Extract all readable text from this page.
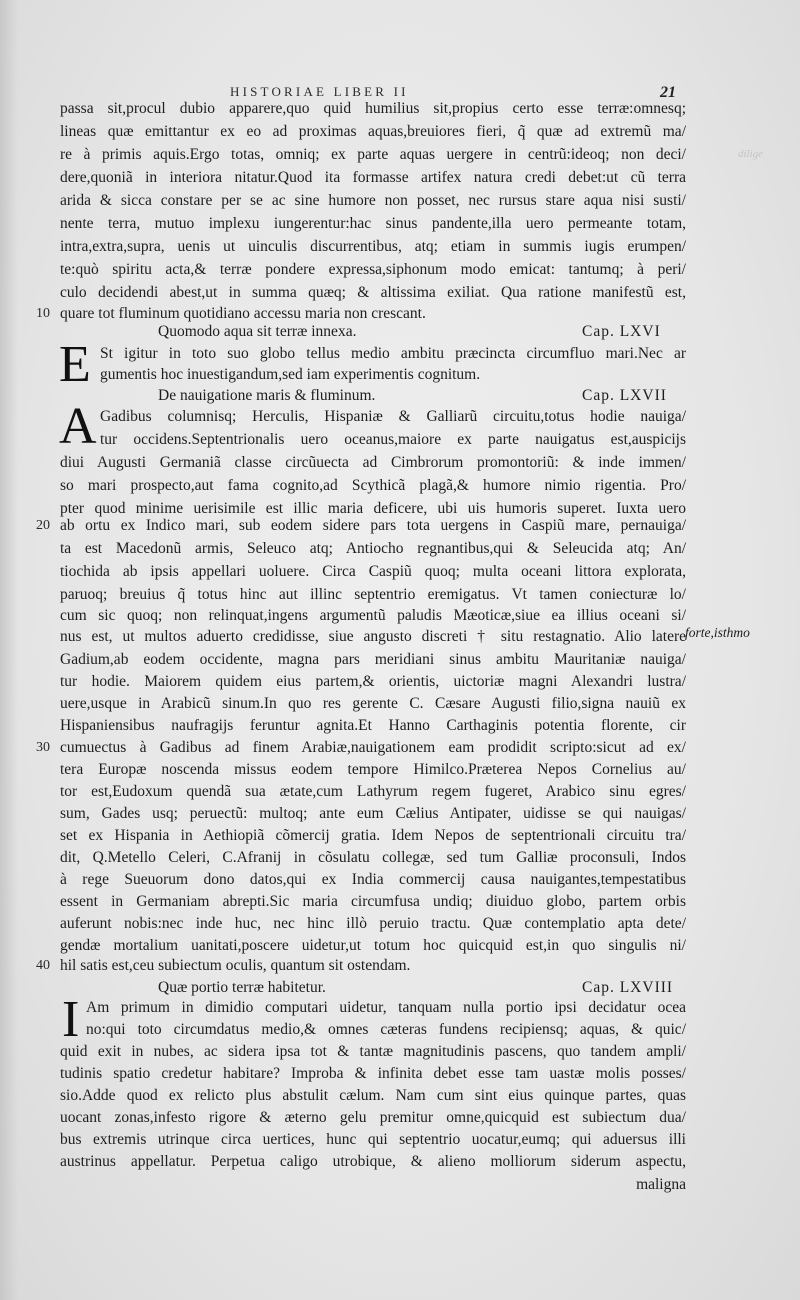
dilige
HISTORIAE LIBER II	21
passa sit,procul dubio apparere,quo quid humilius sit,propius certo esse terræ:omnesq;
lineas quæ emittantur ex eo ad proximas aquas,breuiores fieri, q̃ quæ ad extremũ ma/
re à primis aquis.Ergo totas, omniq; ex parte aquas uergere in centrũ:ideoq; non deci/
dere,quoniã in interiora nitatur.Quod ita formasse artifex natura credi debet:ut cũ terra
arida & sicca constare per se ac sine humore non posset, nec rursus stare aqua nisi susti/
nente terra, mutuo implexu iungerentur:hac sinus pandente,illa uero permeante totam,
intra,extra,supra, uenis ut uinculis discurrentibus, atq; etiam in summis iugis erumpen/
te:quò spiritu acta,& terræ pondere expressa,siphonum modo emicat: tantumq; à peri/
culo decidendi abest,ut in summa quæq; & altissima exiliat. Qua ratione manifestũ est,
10 quare tot fluminum quotidiano accessu maria non crescant.
Quomodo aqua sit terræ innexa.	Cap. LXVI
E St igitur in toto suo globo tellus medio ambitu præcincta circumfluo mari.Nec ar
gumentis hoc inuestigandum,sed iam experimentis cognitum.
De nauigatione maris & fluminum.	Cap. LXVII
A Gadibus columnisq; Herculis, Hispaniæ & Galliarũ circuitu,totus hodie nauiga/
tur occidens.Septentrionalis uero oceanus,maiore ex parte nauigatus est,auspicijs
diui Augusti Germaniã classe circũuecta ad Cimbrorum promontoriũ: & inde immen/
so mari prospecto,aut fama cognito,ad Scythicã plagã,& humore nimio rigentia. Pro/
pter quod minime uerisimile est illic maria deficere, ubi uis humoris superet. Iuxta uero
20 ab ortu ex Indico mari, sub eodem sidere pars tota uergens in Caspiũ mare, pernauiga/
ta est Macedonũ armis, Seleuco atq; Antiocho regnantibus,qui & Seleucida atq; An/
tiochida ab ipsis appellari uoluere. Circa Caspiũ quoq; multa oceani littora explorata,
paruoq; breuius q̃ totus hinc aut illinc septentrio eremigatus. Vt tamen coniecturæ lo/
cum sic quoq; non relinquat,ingens argumentũ paludis Mæoticæ,siue ea illius oceani si/
nus est, ut multos aduerto credidisse, siue angusto discreti † situ restagnatio. Alio latere
Gadium,ab eodem occidente, magna pars meridiani sinus ambitu Mauritaniæ nauiga/
tur hodie. Maiorem quidem eius partem,& orientis, uictoriæ magni Alexandri lustra/
uere,usque in Arabicũ sinum.In quo res gerente C. Cæsare Augusti filio,signa nauiũ ex
Hispaniensibus naufragijs feruntur agnita.Et Hanno Carthaginis potentia florente, cir
30 cumuectus à Gadibus ad finem Arabiæ,nauigationem eam prodidit scripto:sicut ad ex/
tera Europæ noscenda missus eodem tempore Himilco.Præterea Nepos Cornelius au/
tor est,Eudoxum quendã sua ætate,cum Lathyrum regem fugeret, Arabico sinu egres/
sum, Gades usq; peruectũ: multoq; ante eum Cælius Antipater, uidisse se qui nauigas/
set ex Hispania in Aethiopiã cõmercij gratia. Idem Nepos de septentrionali circuitu tra/
dit, Q.Metello Celeri, C.Afranij in cõsulatu collegæ, sed tum Galliæ proconsuli, Indos
à rege Sueuorum dono datos,qui ex India commercij causa nauigantes,tempestatibus
essent in Germaniam abrepti.Sic maria circumfusa undiq; diuiduo globo, partem orbis
auferunt nobis:nec inde huc, nec hinc illò peruio tractu. Quæ contemplatio apta dete/
gendæ mortalium uanitati,poscere uidetur,ut totum hoc quicquid est,in quo singulis ni/
40 hil satis est,ceu subiectum oculis, quantum sit ostendam.
Quæ portio terræ habitetur.	Cap. LXVIII
I Am primum in dimidio computari uidetur, tanquam nulla portio ipsi decidatur ocea
no:qui toto circumdatus medio,& omnes cæteras fundens recipiensq; aquas, & quic/
quid exit in nubes, ac sidera ipsa tot & tantæ magnitudinis pascens, quo tandem ampli/
tudinis spatio credetur habitare? Improba & infinita debet esse tam uastæ molis posses/
sio.Adde quod ex relicto plus abstulit cælum. Nam cum sint eius quinque partes, quas
uocant zonas,infesto rigore & æterno gelu premitur omne,quicquid est subiectum dua/
bus extremis utrinque circa uertices, hunc qui septentrio uocatur,eumq; qui aduersus illi
austrinus appellatur. Perpetua caligo utrobique, & alieno molliorum siderum aspectu,
maligna
forte,isthmo
